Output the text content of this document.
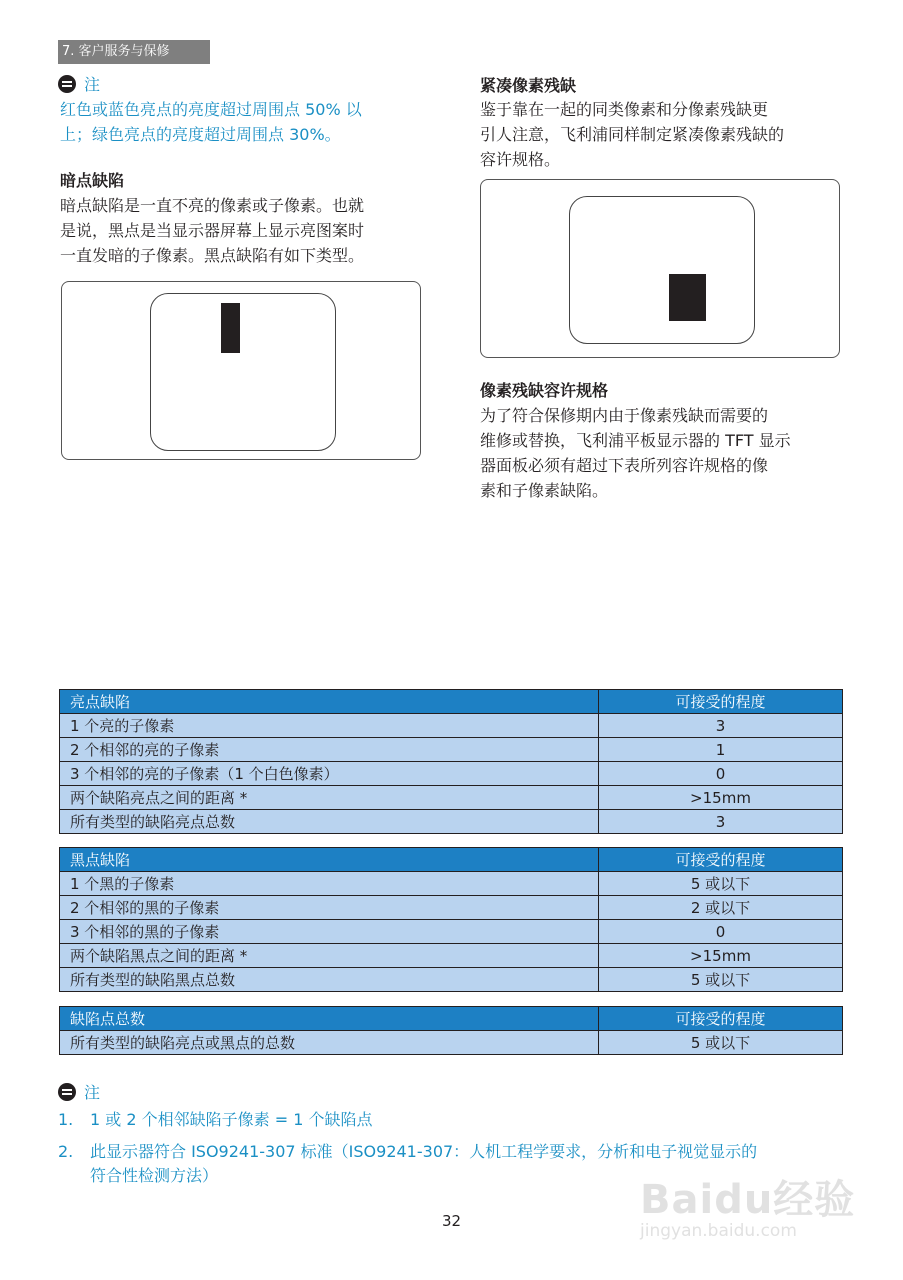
7. 客户服务与保修
注
红色或蓝色亮点的亮度超过周围点 50% 以
上；绿色亮点的亮度超过周围点 30%。
暗点缺陷
暗点缺陷是一直不亮的像素或子像素。也就
是说，黑点是当显示器屏幕上显示亮图案时
一直发暗的子像素。黑点缺陷有如下类型。
紧凑像素残缺
鉴于靠在一起的同类像素和分像素残缺更
引人注意，飞利浦同样制定紧凑像素残缺的
容许规格。
像素残缺容许规格
为了符合保修期内由于像素残缺而需要的
维修或替换，飞利浦平板显示器的 TFT 显示
器面板必须有超过下表所列容许规格的像
素和子像素缺陷。
亮点缺陷	可接受的程度
1 个亮的子像素	3
2 个相邻的亮的子像素	1
3 个相邻的亮的子像素（1 个白色像素）	0
两个缺陷亮点之间的距离 *	>15mm
所有类型的缺陷亮点总数	3
黑点缺陷	可接受的程度
1 个黑的子像素	5 或以下
2 个相邻的黑的子像素	2 或以下
3 个相邻的黑的子像素	0
两个缺陷黑点之间的距离 *	>15mm
所有类型的缺陷黑点总数	5 或以下
缺陷点总数	可接受的程度
所有类型的缺陷亮点或黑点的总数	5 或以下
注
1.	1 或 2 个相邻缺陷子像素 = 1 个缺陷点
2.	此显示器符合 ISO9241-307 标准（ISO9241-307：人机工程学要求，分析和电子视觉显示的
符合性检测方法）
Baidu经验
jingyan.baidu.com
32
